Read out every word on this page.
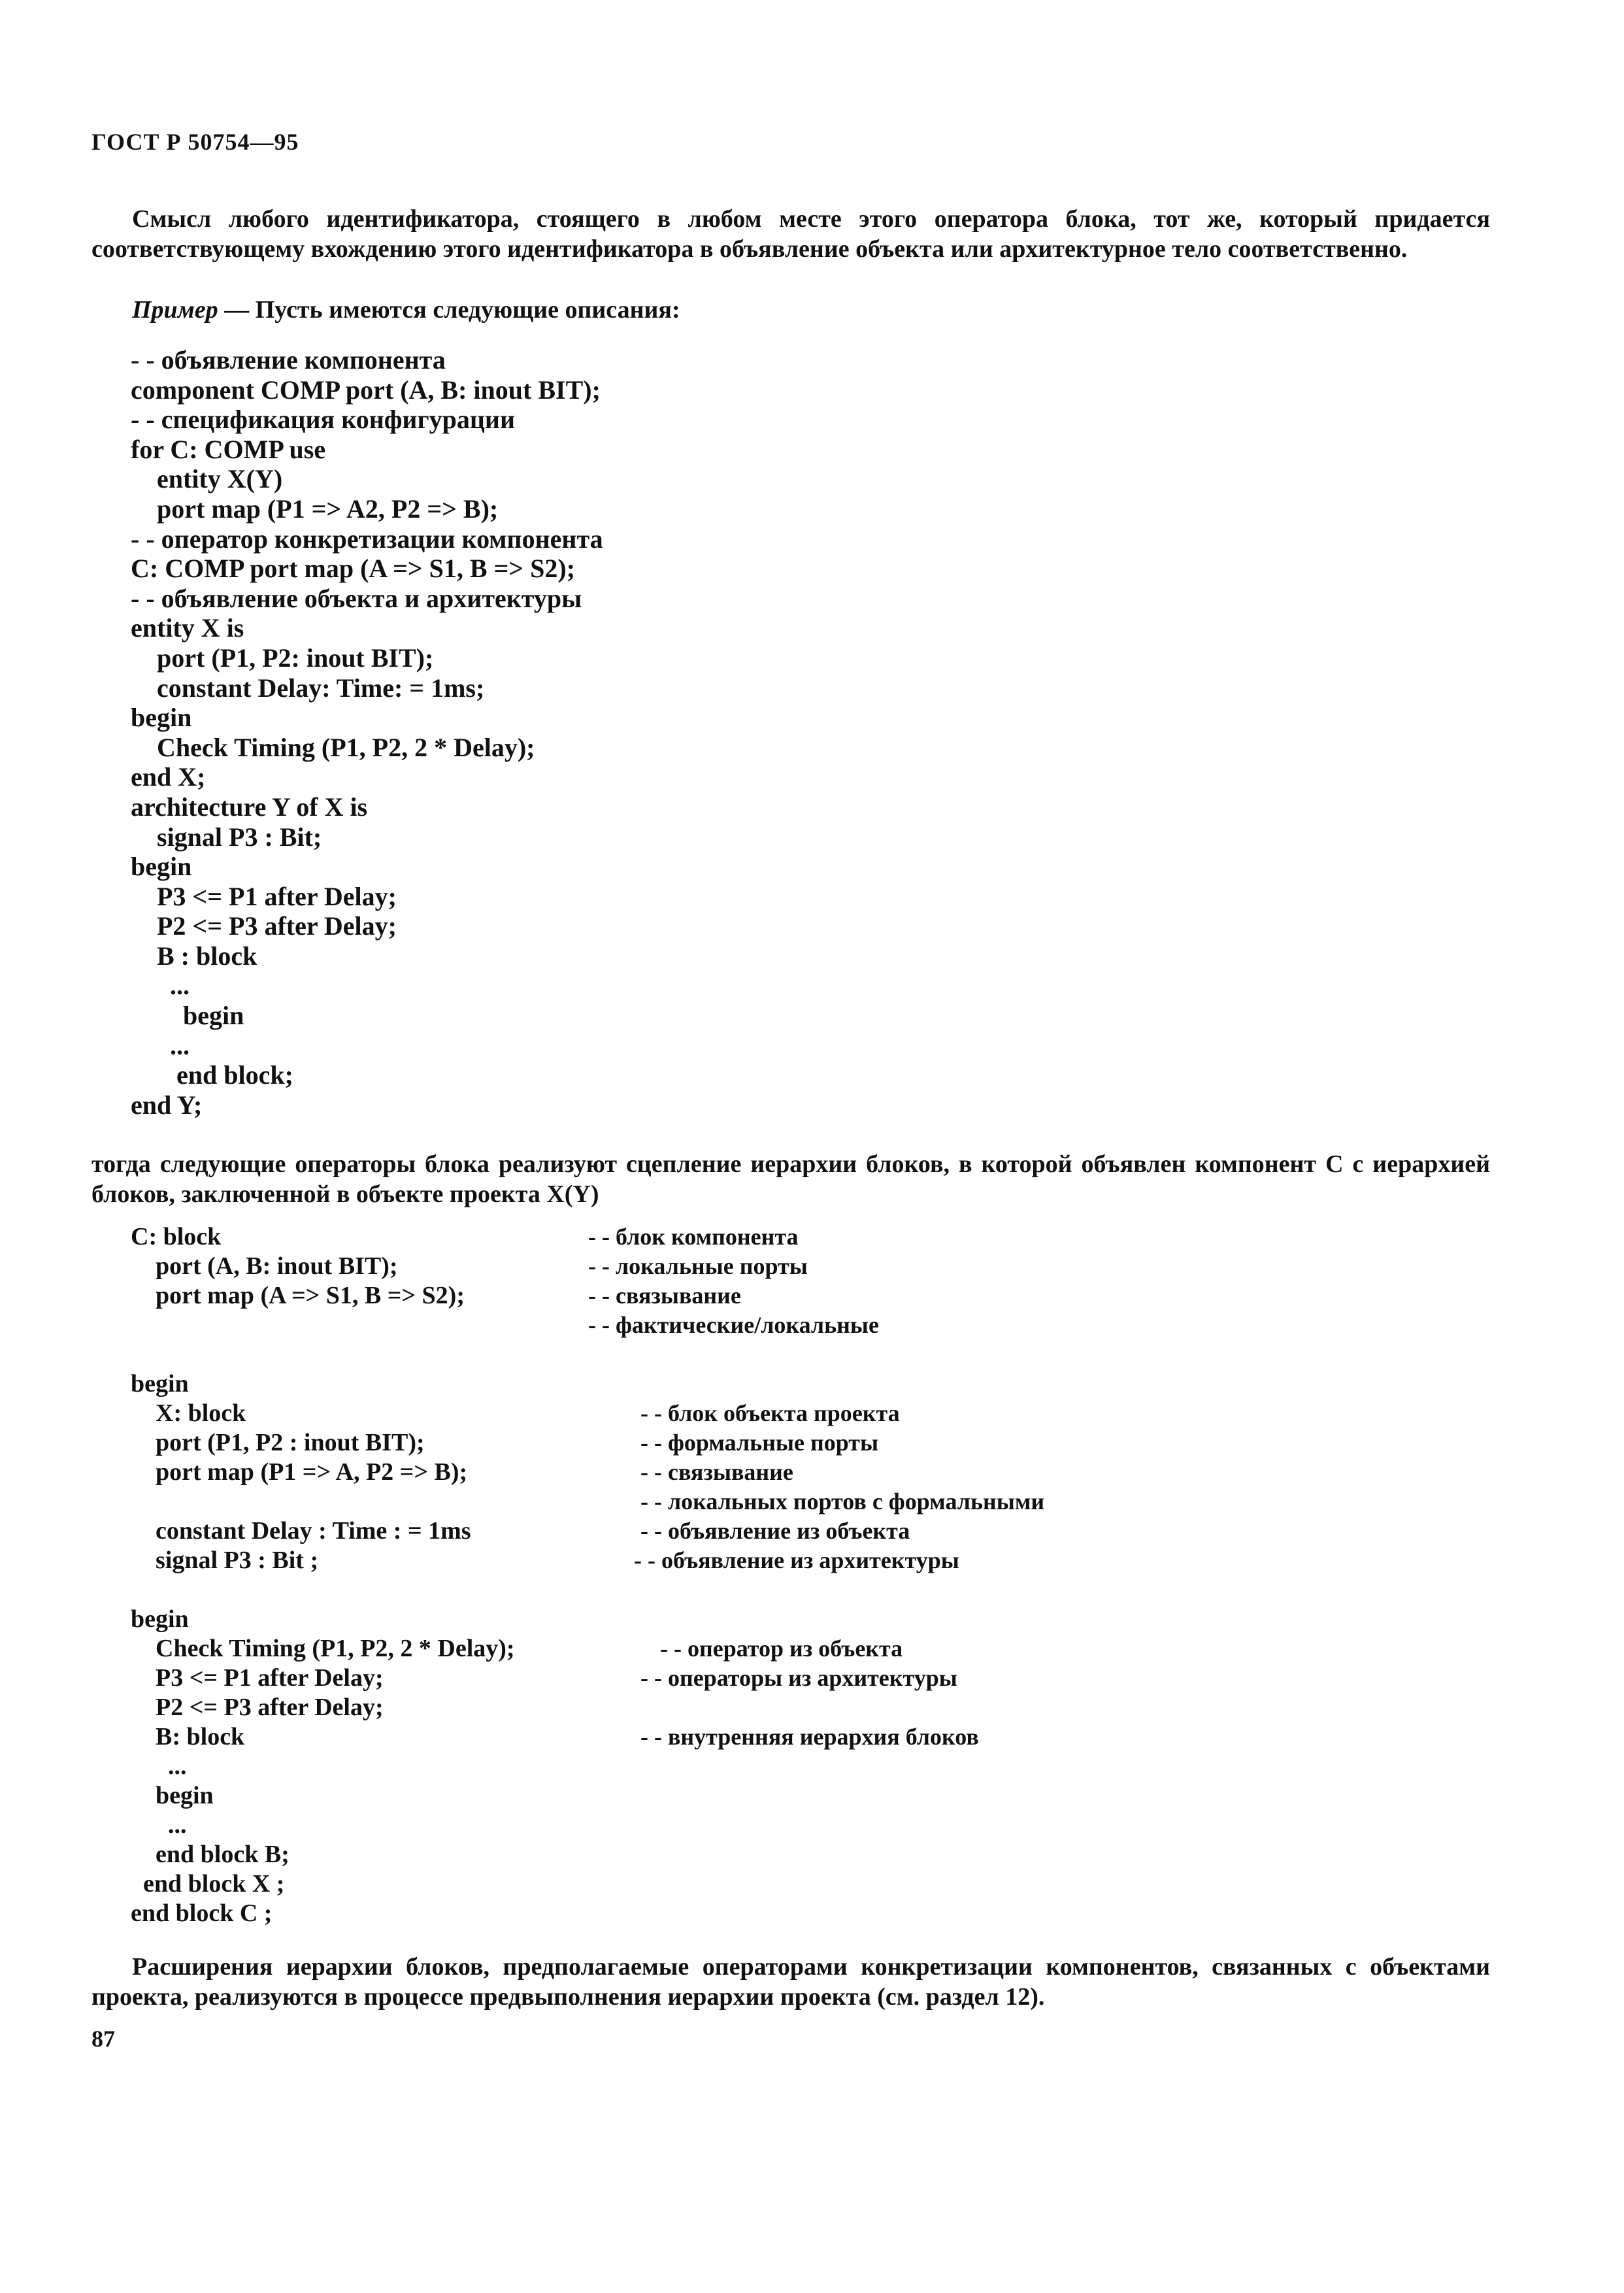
ГОСТ Р 50754—95
Смысл любого идентификатора, стоящего в любом месте этого оператора блока, тот же, который придается соответствующему вхождению этого идентификатора в объявление объекта или архитектурное тело соответственно.
Пример — Пусть имеются следующие описания:
- - объявление компонента
component COMP port (A, B: inout BIT);
- - спецификация конфигурации
for C: COMP use
entity X(Y)
port map (P1 => A2, P2 => B);
- - оператор конкретизации компонента
C: COMP port map (A => S1, B => S2);
- - объявление объекта и архитектуры
entity X is
port (P1, P2: inout BIT);
constant Delay: Time: = 1ms;
begin
Check Timing (P1, P2, 2 * Delay);
end X;
architecture Y of X is
signal P3 : Bit;
begin
P3 <= P1 after Delay;
P2 <= P3 after Delay;
B : block
...
begin
...
end block;
end Y;
тогда следующие операторы блока реализуют сцепление иерархии блоков, в которой объявлен компонент С с иерархией блоков, заключенной в объекте проекта X(Y)
C: block	- - блок компонента
port (A, B: inout BIT);	- - локальные порты
port map (A => S1, B => S2);	- - связывание
- - фактические/локальные
begin
X: block	- - блок объекта проекта
port (P1, P2 : inout BIT);	- - формальные порты
port map (P1 => A, P2 => B);	- - связывание
- - локальных портов с формальными
constant Delay : Time : = 1ms	- - объявление из объекта
signal P3 : Bit ;	- - объявление из архитектуры
begin
Check Timing (P1, P2, 2 * Delay);	- - оператор из объекта
P3 <= P1 after Delay;	- - операторы из архитектуры
P2 <= P3 after Delay;
B: block	- - внутренняя иерархия блоков
...
begin
...
end block B;
end block X ;
end block C ;
Расширения иерархии блоков, предполагаемые операторами конкретизации компонентов, связанных с объектами проекта, реализуются в процессе предвыполнения иерархии проекта (см. раздел 12).
87
